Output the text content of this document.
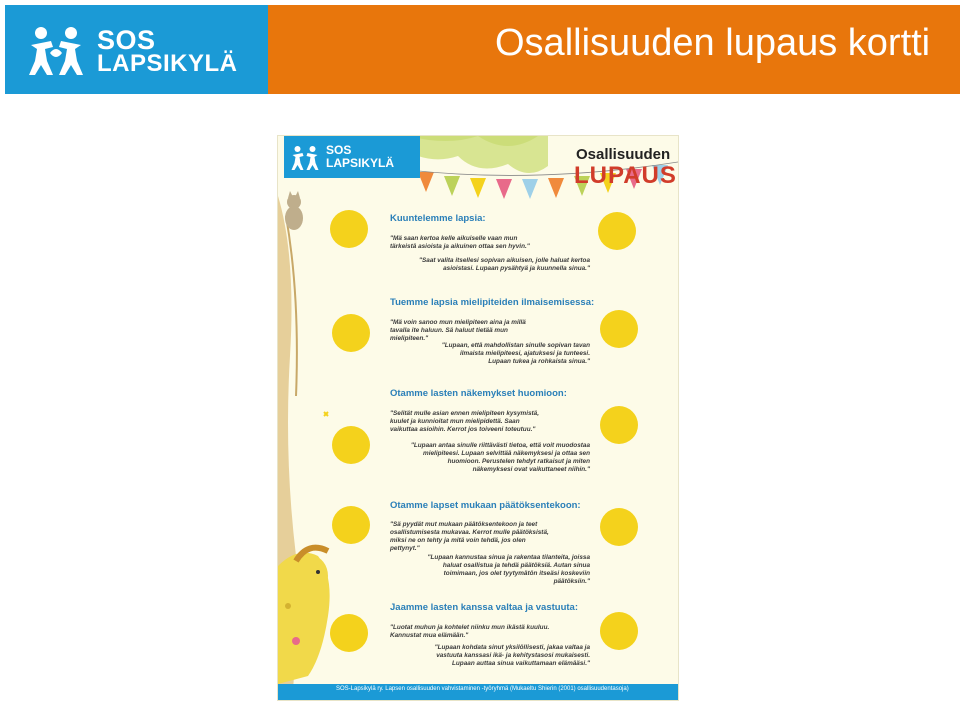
SOS
LAPSIKYLÄ	Osallisuuden lupaus kortti
SOS
LAPSIKYLÄ	Osallisuuden
LUPAUS
Kuuntelemme lapsia:
"Mä saan kertoa kelle aikuiselle vaan mun tärkeistä asioista ja aikuinen ottaa sen hyvin."
"Saat valita itsellesi sopivan aikuisen, jolle haluat kertoa asioistasi. Lupaan pysähtyä ja kuunnella sinua."
Tuemme lapsia mielipiteiden ilmaisemisessa:
"Mä voin sanoo mun mielipiteen aina ja millä tavalla ite haluun. Sä haluut tietää mun mielipiteen."
"Lupaan, että mahdollistan sinulle sopivan tavan ilmaista mielipiteesi, ajatuksesi ja tunteesi. Lupaan tukea ja rohkaista sinua."
Otamme lasten näkemykset huomioon:
"Selität mulle asian ennen mielipiteen kysymistä, kuulet ja kunnioitat mun mielipidettä. Saan vaikuttaa asioihin. Kerrot jos toiveeni toteutuu."
"Lupaan antaa sinulle riittävästi tietoa, että voit muodostaa mielipiteesi. Lupaan selvittää näkemyksesi ja ottaa sen huomioon. Perustelen tehdyt ratkaisut ja miten näkemyksesi ovat vaikuttaneet niihin."
Otamme lapset mukaan päätöksentekoon:
"Sä pyydät mut mukaan päätöksentekoon ja teet osallistumisesta mukavaa. Kerrot mulle päätöksistä, miksi ne on tehty ja mitä voin tehdä, jos olen pettynyt."
"Lupaan kannustaa sinua ja rakentaa tilanteita, joissa haluat osallistua ja tehdä päätöksiä. Autan sinua toimimaan, jos olet tyytymätön itseäsi koskeviin päätöksiin."
Jaamme lasten kanssa valtaa ja vastuuta:
"Luotat muhun ja kohtelet niinku mun ikästä kuuluu. Kannustat mua elämään."
"Lupaan kohdata sinut yksilöllisesti, jakaa valtaa ja vastuuta kanssasi ikä- ja kehitystasosi mukaisesti. Lupaan auttaa sinua vaikuttamaan elämääsi."
SOS-Lapsikylä ry. Lapsen osallisuuden vahvistaminen -työryhmä (Mukaeltu Shierin (2001) osallisuudentasoja)
